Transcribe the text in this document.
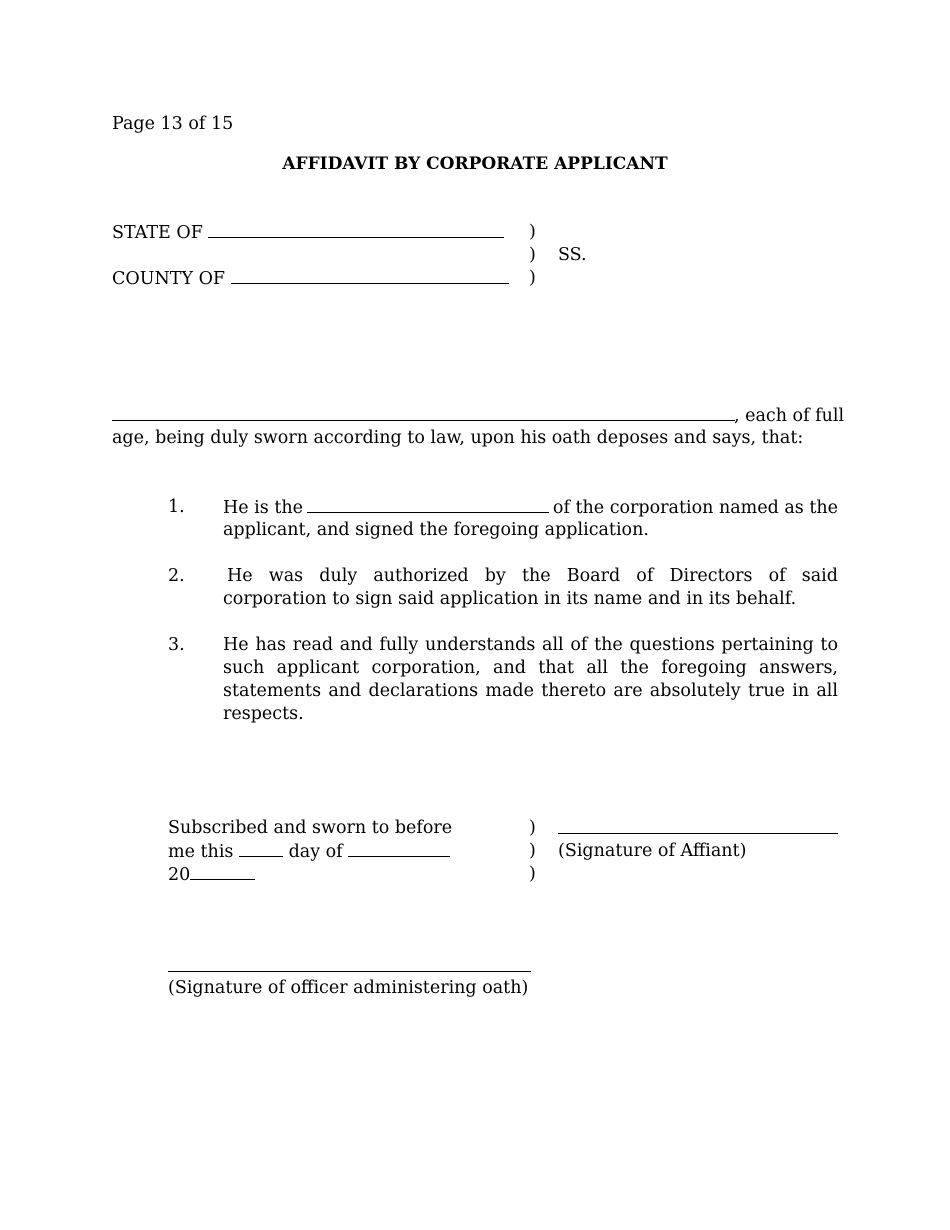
Page 13 of 15
AFFIDAVIT BY CORPORATE APPLICANT
STATE OF
COUNTY OF
)
)
)
SS.
, each of full
age, being duly sworn according to law, upon his oath deposes and says, that:
1. He is the	of the corporation named as the
applicant, and signed the foregoing application.
2. He was duly authorized by the Board of Directors of said corporation to sign said application in its name and in its behalf.
3. He has read and fully understands all of the questions pertaining to such applicant corporation, and that all the foregoing answers, statements and declarations made thereto are absolutely true in all respects.
Subscribed and sworn to before
me this	day of
20
)
)
)
(Signature of Affiant)
(Signature of officer administering oath)
